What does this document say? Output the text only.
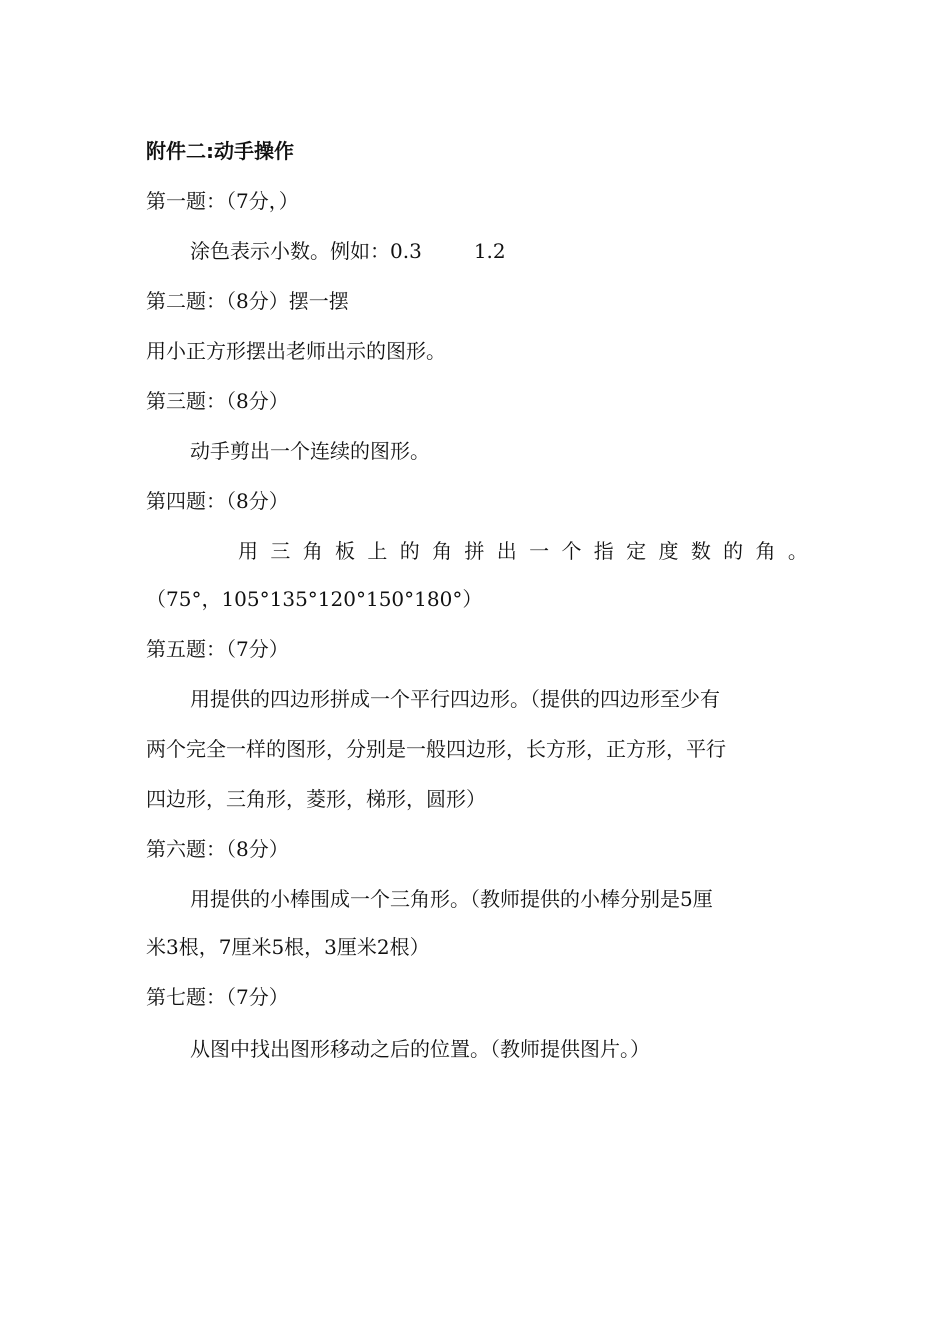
附件二:动手操作
第一题：（7分，）
涂色表示小数。例如：0.3	1.2
第二题：（8分）摆一摆
用小正方形摆出老师出示的图形。
第三题：（8分）
动手剪出一个连续的图形。
第四题：（8分）
用 三 角 板 上 的 角 拼 出 一 个 指 定 度 数 的 角 。
（75°，105°135°120°150°180°）
第五题：（7分）
用提供的四边形拼成一个平行四边形。（提供的四边形至少有
两个完全一样的图形，分别是一般四边形，长方形，正方形，平行
四边形，三角形，菱形，梯形，圆形）
第六题：（8分）
用提供的小棒围成一个三角形。（教师提供的小棒分别是5厘
米3根，7厘米5根，3厘米2根）
第七题：（7分）
从图中找出图形移动之后的位置。（教师提供图片。）
